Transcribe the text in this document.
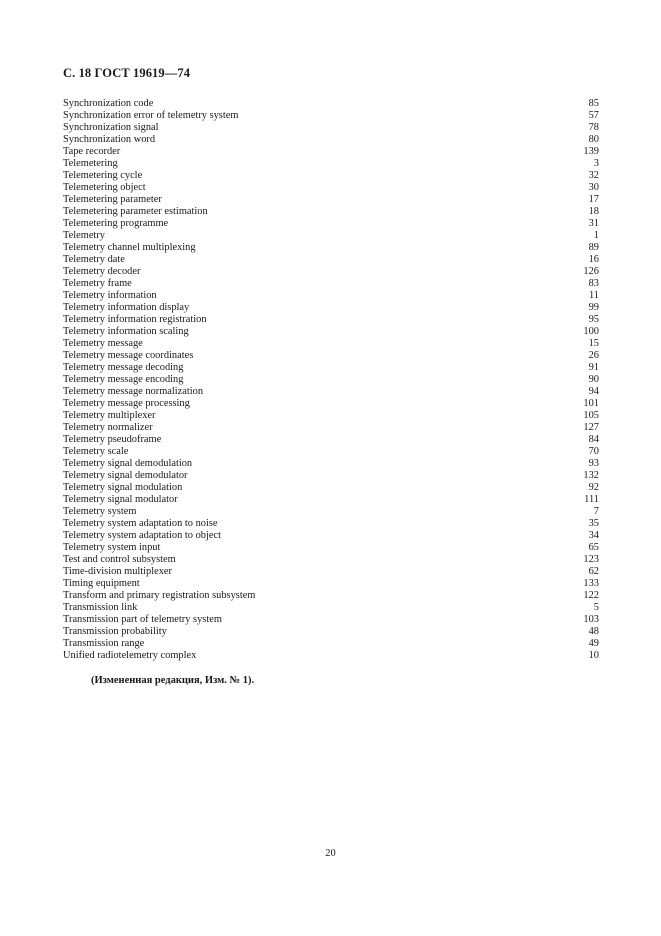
С. 18 ГОСТ 19619—74
Synchronization code	85
Synchronization error of telemetry system	57
Synchronization signal	78
Synchronization word	80
Tape recorder	139
Telemetering	3
Telemetering cycle	32
Telemetering object	30
Telemetering parameter	17
Telemetering parameter estimation	18
Telemetering programme	31
Telemetry	1
Telemetry channel multiplexing	89
Telemetry date	16
Telemetry decoder	126
Telemetry frame	83
Telemetry information	11
Telemetry information display	99
Telemetry information registration	95
Telemetry information scaling	100
Telemetry message	15
Telemetry message coordinates	26
Telemetry message decoding	91
Telemetry message encoding	90
Telemetry message normalization	94
Telemetry message processing	101
Telemetry multiplexer	105
Telemetry normalizer	127
Telemetry pseudoframe	84
Telemetry scale	70
Telemetry signal demodulation	93
Telemetry signal demodulator	132
Telemetry signal modulation	92
Telemetry signal modulator	111
Telemetry system	7
Telemetry system adaptation to noise	35
Telemetry system adaptation to object	34
Telemetry system input	65
Test and control subsystem	123
Time-division multiplexer	62
Timing equipment	133
Transform and primary registration subsystem	122
Transmission link	5
Transmission part of telemetry system	103
Transmission probability	48
Transmission range	49
Unified radiotelemetry complex	10
(Измененная редакция, Изм. № 1).
20
